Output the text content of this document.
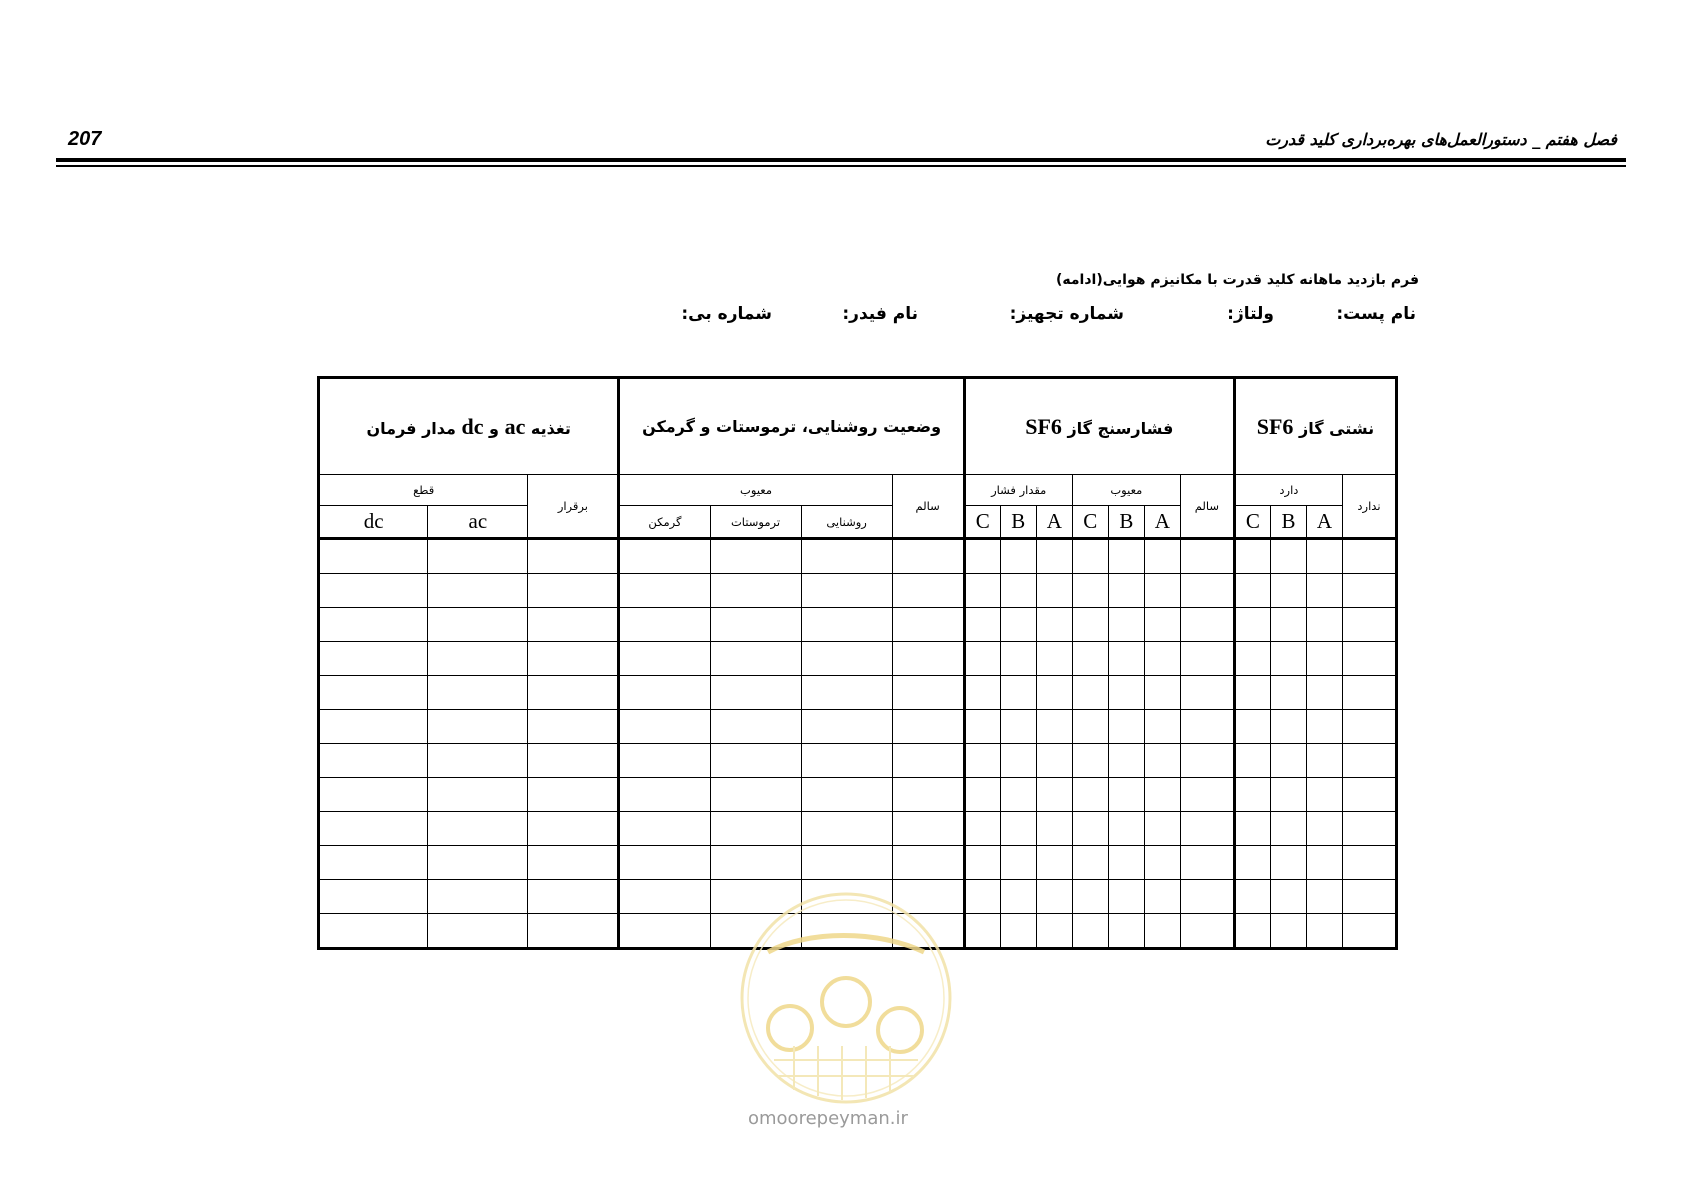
207	فصل هفتم _ دستورالعمل‌های بهره‌برداری کلید قدرت
فرم بازدید ماهانه کلید قدرت با مکانیزم هوایی(ادامه)
نام پست:
ولتاژ:
شماره تجهیز:
نام فیدر:
شماره بی:
نشتی گاز SF6				فشارسنج گاز SF6							وضعیت روشنایی، ترموستات و گرمکن				تغذیه ac و dc مدار فرمان		
ندارد	دارد			سالم	معیوب			مقدار فشار			سالم	معیوب			برقرار	قطع	
	A	B	C		A	B	C	A	B	C		روشنایی	ترموستات	گرمکن		ac	dc

omoorepeyman.ir
